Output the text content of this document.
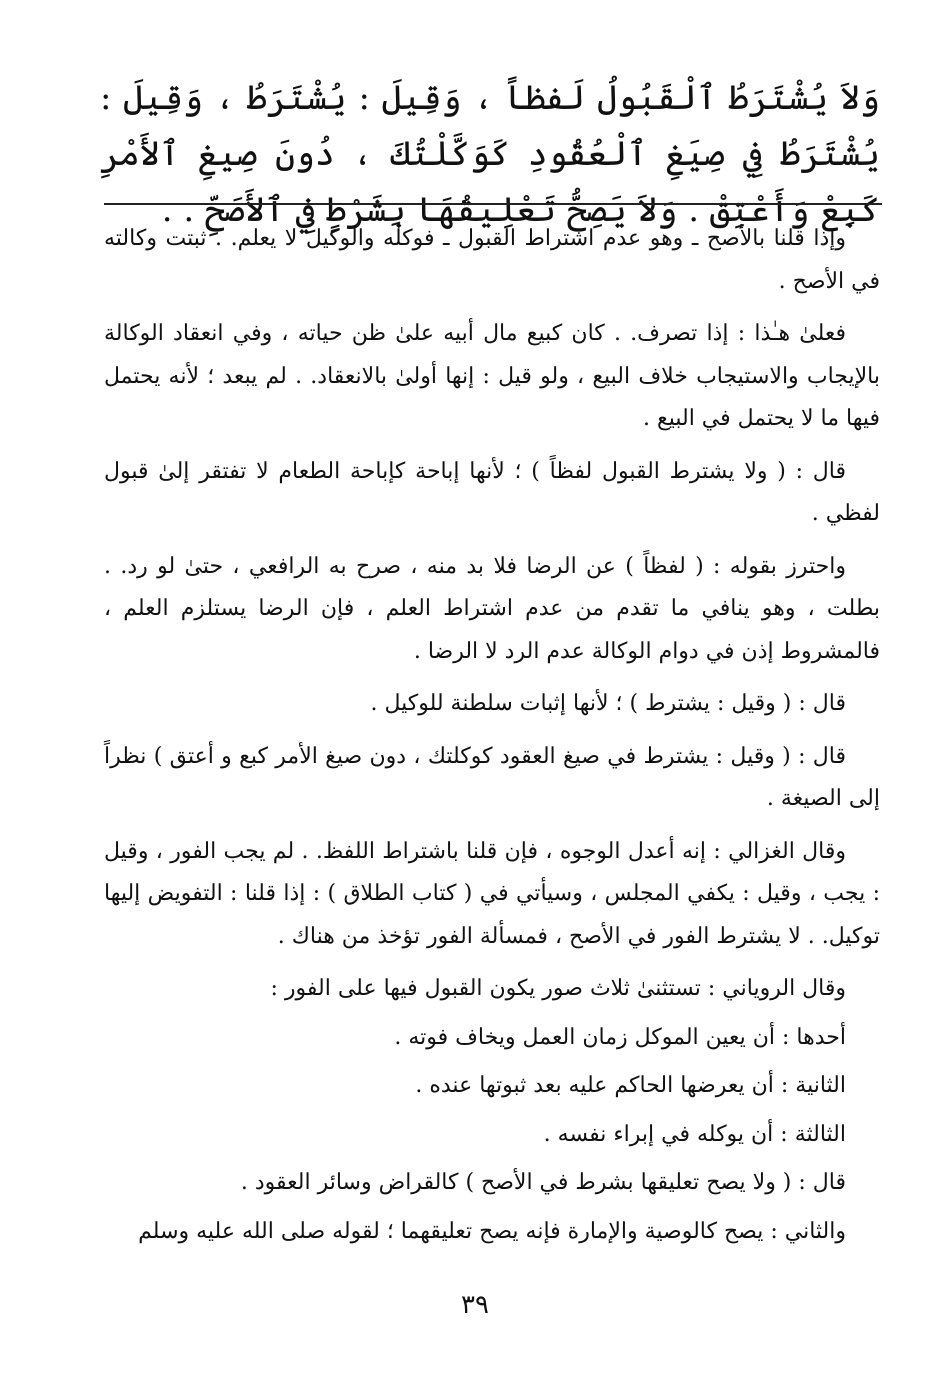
وَلاَ يُشْتَرَطُ ٱلْقَبُولُ لَفظاً ، وَقِيلَ : يُشْتَرَطُ ، وَقِيلَ : يُشْتَرَطُ فِي صِيَغِ ٱلْعُقُودِ كَوَكَّلْتُكَ ، دُونَ صِيغِ ٱلأَمْرِ كَبِعْ وَأَعْتِقْ . وَلاَ يَصِحُّ تَعْلِيقُهَا بِشَرْطٍ فِي ٱلأَصَحِّ . .

وإذا قلنا بالأصح ـ وهو عدم اشتراط القبول ـ فوكله والوكيل لا يعلم. . ثبتت وكالته في الأصح .

فعلىٰ هـٰذا : إذا تصرف. . كان كبيع مال أبيه علىٰ ظن حياته ، وفي انعقاد الوكالة بالإيجاب والاستيجاب خلاف البيع ، ولو قيل : إنها أولىٰ بالانعقاد. . لم يبعد ؛ لأنه يحتمل فيها ما لا يحتمل في البيع .

قال : ( ولا يشترط القبول لفظاً ) ؛ لأنها إباحة كإباحة الطعام لا تفتقر إلىٰ قبول لفظي .

واحترز بقوله : ( لفظاً ) عن الرضا فلا بد منه ، صرح به الرافعي ، حتىٰ لو رد. . بطلت ، وهو ينافي ما تقدم من عدم اشتراط العلم ، فإن الرضا يستلزم العلم ، فالمشروط إذن في دوام الوكالة عدم الرد لا الرضا .

قال : ( وقيل : يشترط ) ؛ لأنها إثبات سلطنة للوكيل .

قال : ( وقيل : يشترط في صيغ العقود كوكلتك ، دون صيغ الأمر كبع و أعتق ) نظراً إلى الصيغة .

وقال الغزالي : إنه أعدل الوجوه ، فإن قلنا باشتراط اللفظ. . لم يجب الفور ، وقيل : يجب ، وقيل : يكفي المجلس ، وسيأتي في ( كتاب الطلاق ) : إذا قلنا : التفويض إليها توكيل. . لا يشترط الفور في الأصح ، فمسألة الفور تؤخذ من هناك .

وقال الروياني : تستثنىٰ ثلاث صور يكون القبول فيها على الفور :

أحدها : أن يعين الموكل زمان العمل ويخاف فوته .

الثانية : أن يعرضها الحاكم عليه بعد ثبوتها عنده .

الثالثة : أن يوكله في إبراء نفسه .

قال : ( ولا يصح تعليقها بشرط في الأصح ) كالقراض وسائر العقود .

والثاني : يصح كالوصية والإمارة فإنه يصح تعليقهما ؛ لقوله صلى الله عليه وسلم

٣٩
